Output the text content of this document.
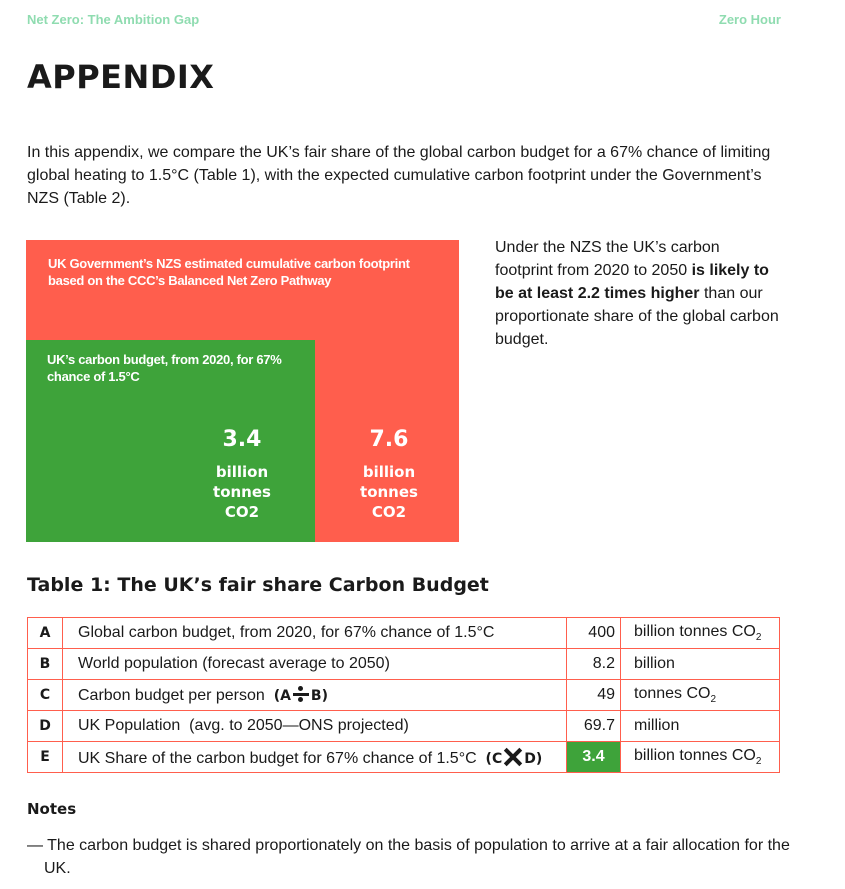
Net Zero: The Ambition Gap	Zero Hour
APPENDIX

In this appendix, we compare the UK’s fair share of the global carbon budget for a 67% chance of limiting global heating to 1.5°C (Table 1), with the expected cumulative carbon footprint under the Government’s NZS (Table 2).

UK Government’s NZS estimated cumulative carbon footprint based on the CCC’s Balanced Net Zero Pathway
UK’s carbon budget, from 2020, for 67% chance of 1.5°C
3.4
billion
tonnes
CO2
7.6
billion
tonnes
CO2
Under the NZS the UK’s carbon footprint from 2020 to 2050 is likely to be at least 2.2 times higher than our proportionate share of the global carbon budget.
Table 1: The UK’s fair share Carbon Budget
A	Global carbon budget, from 2020, for 67% chance of 1.5°C	400	billion tonnes $CO_2$
B	World population (forecast average to 2050)	8.2	billion
C	Carbon budget per person (A B)	49	tonnes $CO_2$
D	UK Population  (avg. to 2050—ONS projected)	69.7	million
E	UK Share of the carbon budget for 67% chance of 1.5°C (C D)	3.4	billion tonnes $CO_2$
Notes

— The carbon budget is shared proportionately on the basis of population to arrive at a fair allocation for the UK.
